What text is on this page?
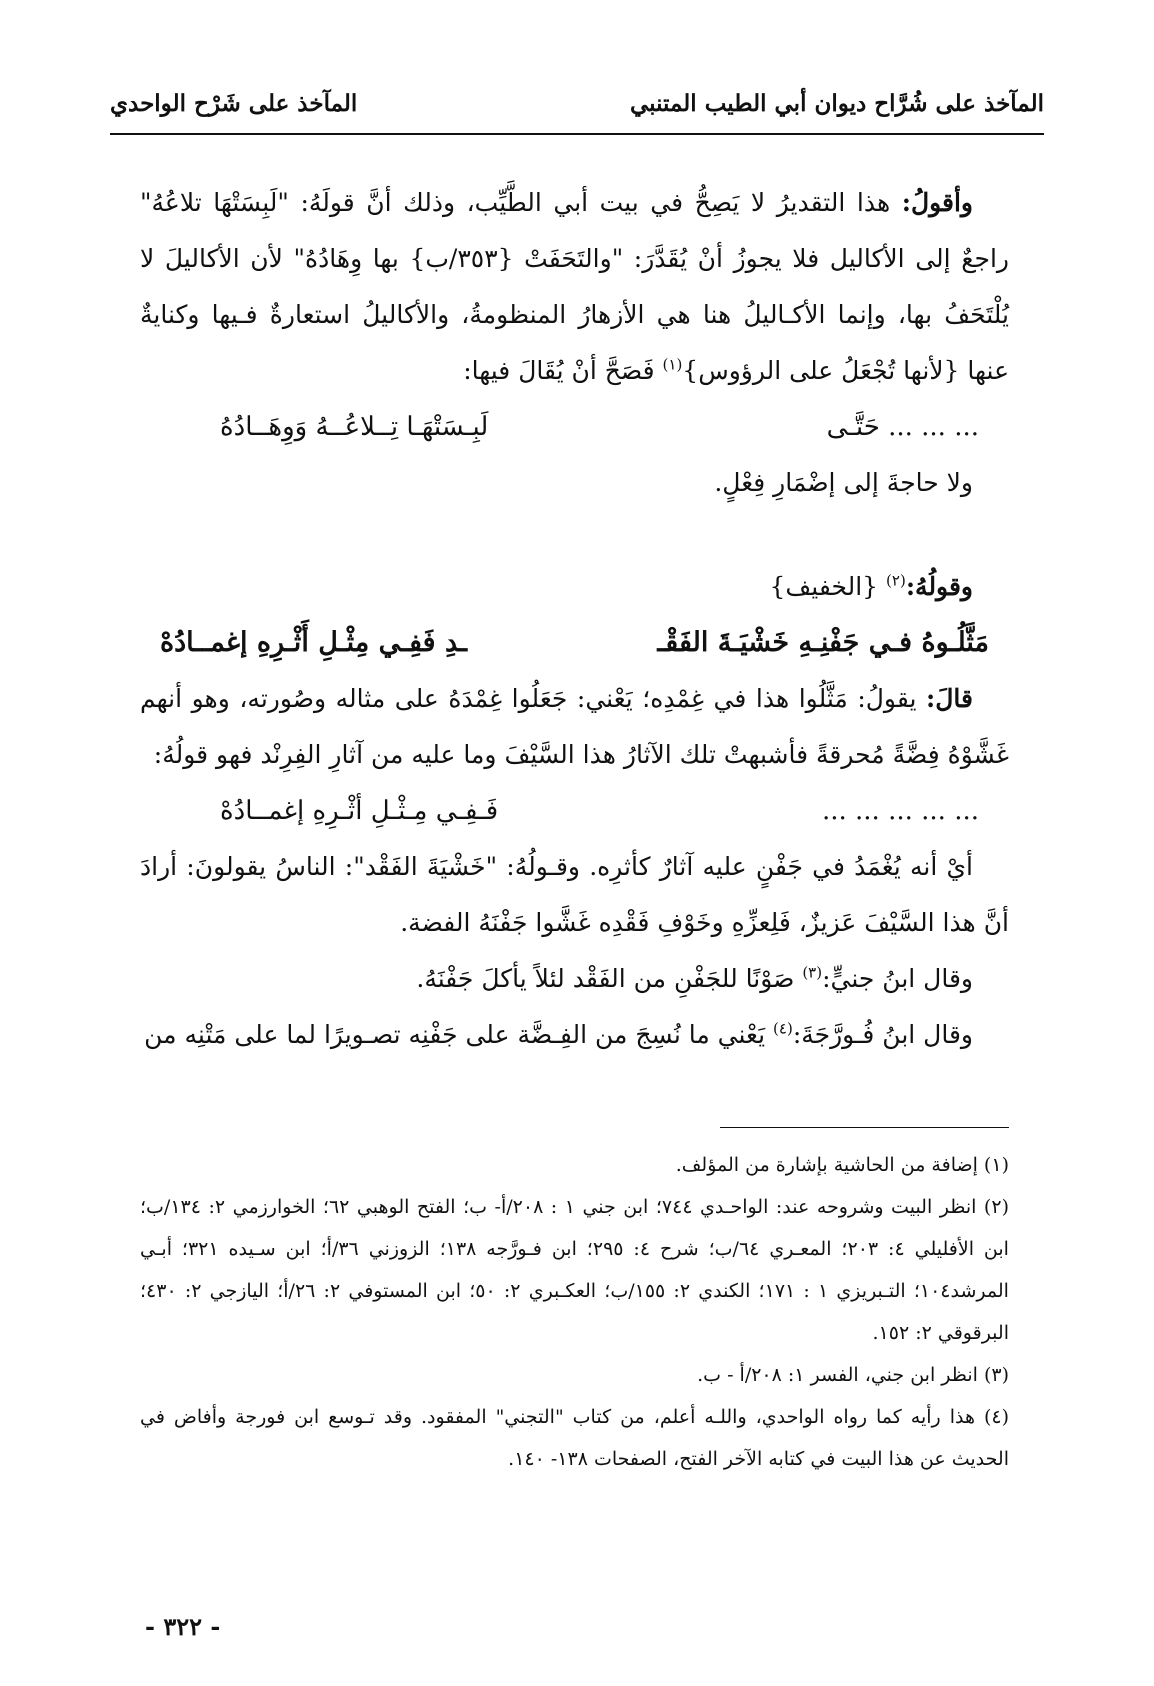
المآخذ على شُرَّاح ديوان أبي الطيب المتنبي
المآخذ على شَرْح الواحدي

وأقولُ: هذا التقديرُ لا يَصِحُّ في بيت أبي الطَّيِّب، وذلك أنَّ قولَهُ: "لَبِسَتْهَا تلاعُهُ" راجعٌ إلى الأكاليل فلا يجوزُ أنْ يُقَدَّرَ: "والتَحَفَتْ {٣٥٣/ب} بها وِهَادُهُ" لأن الأكاليلَ لا يُلْتَحَفُ بها، وإنما الأكـاليلُ هنا هي الأزهارُ المنظومةُ، والأكاليلُ استعارةٌ فـيها وكنايةٌ عنها {لأنها تُجْعَلُ على الرؤوس}$^{(١)}$ فَصَحَّ أنْ يُقَالَ فيها:

... ... ... حَتَّـى
لَبِـسَتْهَـا تِــلاعُــهُ وَوِهَــادُهُ

ولا حاجةَ إلى إضْمَارِ فِعْلٍ.

وقولُهُ:$^{(٢)}$ {الخفيف}

مَثَّلُـوهُ فـي جَفْنِـهِ خَشْيَـةَ الفَقْـ
ـدِ فَفِـي مِثْـلِ أَثْـرِهِ إغمــادُهْ

قالَ: يقولُ: مَثَّلُوا هذا في غِمْدِه؛ يَعْني: جَعَلُوا غِمْدَهُ على مثاله وصُورته، وهو أنهم غَشَّوْهُ فِضَّةً مُحرقةً فأشبهتْ تلك الآثارُ هذا السَّيْفَ وما عليه من آثارِ الفِرِنْد فهو قولُهُ:

... ... ... ... ...
فَـفِـي مِـثْـلِ أثْـرِهِ إغمــادُهْ

أيْ أنه يُغْمَدُ في جَفْنٍ عليه آثارٌ كأثرِه. وقـولُهُ: "خَشْيَةَ الفَقْد": الناسُ يقولونَ: أرادَ أنَّ هذا السَّيْفَ عَزيزٌ، فَلِعزِّهِ وخَوْفِ فَقْدِه غَشَّوا جَفْنَهُ الفضة.

وقال ابنُ جنيٍّ:$^{(٣)}$ صَوْنًا للجَفْنِ من الفَقْد لئلاً يأكلَ جَفْنَهُ.

وقال ابنُ فُـورَّجَةَ:$^{(٤)}$ يَعْني ما نُسِجَ من الفِـضَّة على جَفْنِه تصـويرًا لما على مَتْنِه من

(١) إضافة من الحاشية بإشارة من المؤلف.

(٢) انظر البيت وشروحه عند: الواحـدي ٧٤٤؛ ابن جني ١ : ٢٠٨/أ- ب؛ الفتح الوهبي ٦٢؛ الخوارزمي ٢: ١٣٤/ب؛ ابن الأفليلي ٤: ٢٠٣؛ المعـري ٦٤/ب؛ شرح ٤: ٢٩٥؛ ابن فـورَّجه ١٣٨؛ الزوزني ٣٦/أ؛ ابن سـيده ٣٢١؛ أبـي المرشد١٠٤؛ التـبريزي ١ : ١٧١؛ الكندي ٢: ١٥٥/ب؛ العكـبري ٢: ٥٠؛ ابن المستوفي ٢: ٢٦/أ؛ اليازجي ٢: ٤٣٠؛ البرقوقي ٢: ١٥٢.

(٣) انظر ابن جني، الفسر ١: ٢٠٨/أ - ب.

(٤) هذا رأيه كما رواه الواحدي، واللـه أعلم، من كتاب "التجني" المفقود. وقد تـوسع ابن فورجة وأفاض في الحديث عن هذا البيت في كتابه الآخر الفتح، الصفحات ١٣٨- ١٤٠.

- ٣٢٢ -
